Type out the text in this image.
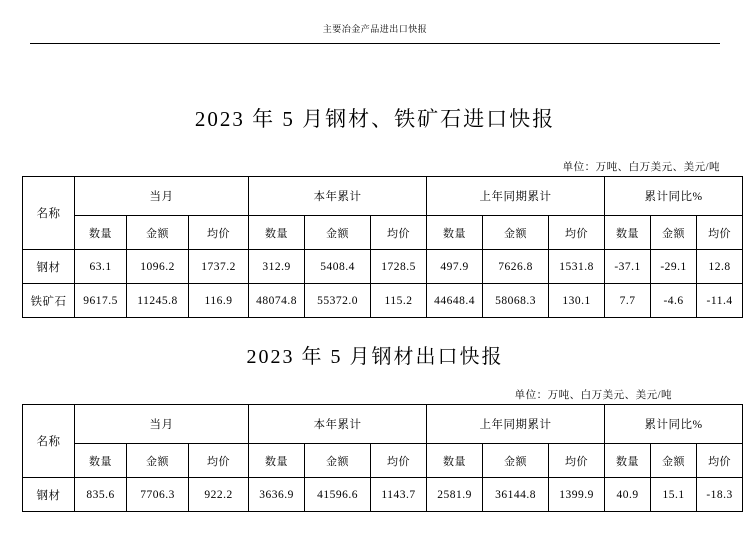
主要冶金产品进出口快报
2023 年 5 月钢材、铁矿石进口快报
单位：万吨、白万美元、美元/吨
名称	当月			本年累计			上年同期累计			累计同比%		
	数量	金额	均价	数量	金额	均价	数量	金额	均价	数量	金额	均价
钢材	63.1	1096.2	1737.2	312.9	5408.4	1728.5	497.9	7626.8	1531.8	-37.1	-29.1	12.8
铁矿石	9617.5	11245.8	116.9	48074.8	55372.0	115.2	44648.4	58068.3	130.1	7.7	-4.6	-11.4
2023 年 5 月钢材出口快报
单位：万吨、白万美元、美元/吨
名称	当月			本年累计			上年同期累计			累计同比%		
	数量	金额	均价	数量	金额	均价	数量	金额	均价	数量	金额	均价
钢材	835.6	7706.3	922.2	3636.9	41596.6	1143.7	2581.9	36144.8	1399.9	40.9	15.1	-18.3
